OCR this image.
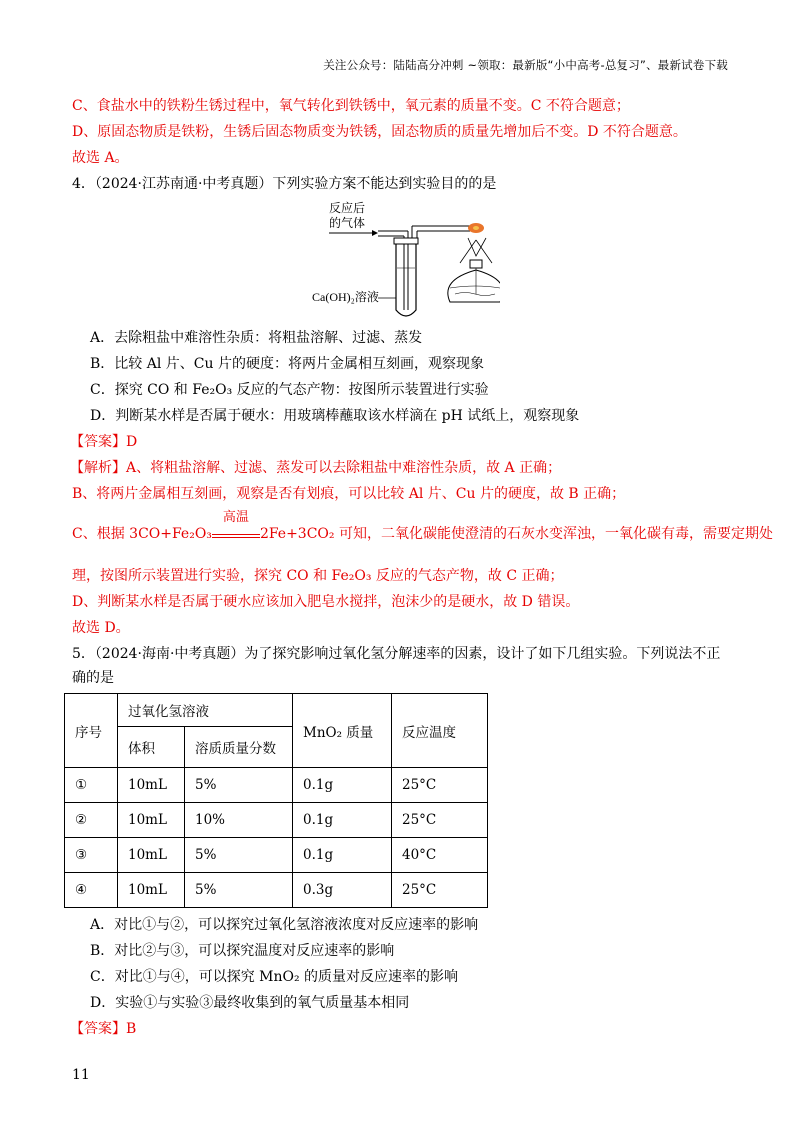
关注公众号：陆陆高分冲刺 ~领取：最新版“小中高考-总复习”、最新试卷下载
C、食盐水中的铁粉生锈过程中，氧气转化到铁锈中，氧元素的质量不变。C 不符合题意；
D、原固态物质是铁粉，生锈后固态物质变为铁锈，固态物质的质量先增加后不变。D 不符合题意。
故选 A。
4．（2024·江苏南通·中考真题）下列实验方案不能达到实验目的的是
反应后
的气体
Ca(OH)₂溶液
A．去除粗盐中难溶性杂质：将粗盐溶解、过滤、蒸发
B．比较 Al 片、Cu 片的硬度：将两片金属相互刻画，观察现象
C．探究 CO 和 Fe₂O₃ 反应的气态产物：按图所示装置进行实验
D．判断某水样是否属于硬水：用玻璃棒蘸取该水样滴在 pH 试纸上，观察现象
【答案】D
【解析】A、将粗盐溶解、过滤、蒸发可以去除粗盐中难溶性杂质，故 A 正确；
B、将两片金属相互刻画，观察是否有划痕，可以比较 Al 片、Cu 片的硬度，故 B 正确；
C、根据 3CO+Fe₂O₃
高温
2Fe+3CO₂ 可知，二氧化碳能使澄清的石灰水变浑浊，一氧化碳有毒，需要定期处
理，按图所示装置进行实验，探究 CO 和 Fe₂O₃ 反应的气态产物，故 C 正确；
D、判断某水样是否属于硬水应该加入肥皂水搅拌，泡沫少的是硬水，故 D 错误。
故选 D。
5．（2024·海南·中考真题）为了探究影响过氧化氢分解速率的因素，设计了如下几组实验。下列说法不正
确的是
序号	过氧化氢溶液		MnO₂ 质量	反应温度
	体积	溶质质量分数		
①	10mL	5%	0.1g	25°C
②	10mL	10%	0.1g	25°C
③	10mL	5%	0.1g	40°C
④	10mL	5%	0.3g	25°C
A．对比①与②，可以探究过氧化氢溶液浓度对反应速率的影响
B．对比②与③，可以探究温度对反应速率的影响
C．对比①与④，可以探究 MnO₂ 的质量对反应速率的影响
D．实验①与实验③最终收集到的氧气质量基本相同
【答案】B
11
